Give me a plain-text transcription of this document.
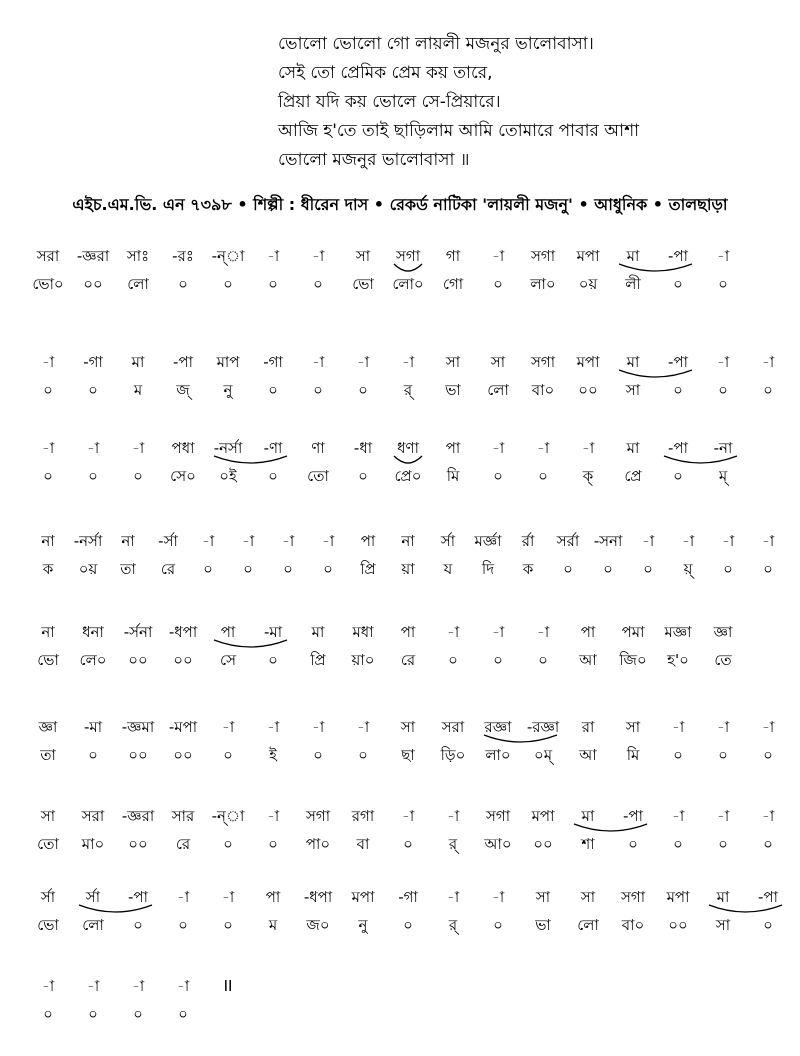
ভোলো ভোলো গো লায়লী মজনুর ভালোবাসা।
সেই তো প্রেমিক প্রেম কয় তারে,
প্রিয়া যদি কয় ভোলে সে-প্রিয়ারে।
আজি হ'তে তাই ছাড়িলাম আমি তোমারে পাবার আশা
ভোলো মজনুর ভালোবাসা ॥
এইচ.এম.ভি. এন ৭৩৯৮ • শিল্পী : ধীরেন দাস • রেকর্ড নাটিকা 'লায়লী মজনু' • আধুনিক • তালছাড়া
সরা -জ্ঞরা সাঃ -রঃ -ন্া -া -া সা সগা গা -া সগা মপা মা -পা -া
ভো০ ০০ লো ০ ০ ০ ০ ভো লো০ গো ০ লা০ ০য় লী ০ ০
-া -গা মা -পা মাপ -গা -া -া -া সা সা সগা মপা মা -পা -া -া
০ ০ ম জ্ নু ০ ০ ০ র্ ভা লো বা০ ০০ সা ০ ০ ০
-া -া -া পধা -নর্সা -ণা ণা -ধা ধণা পা -া -া -া মা -পা -না
০ ০ ০ সে০ ০ই ০ তো ০ প্রে০ মি ০ ০ ক্ প্রে ০ ম্
না -নর্সা না -র্সা -া -া -া -া পা না র্সা মর্জ্ঞা র্রা সর্রা -সনা -া -া -া -া
ক ০য় তা রে ০ ০ ০ ০ প্রি য়া য দি ক ০ ০ ০ য়্ ০ ০
না ধনা -র্সনা -ধপা পা -মা মা মধা পা -া -া -া পা পমা মজ্ঞা জ্ঞা
ভো লে০ ০০ ০০ সে ০ প্রি য়া০ রে ০ ০ ০ আ জি০ হ'০ তে
জ্ঞা -মা -জ্ঞমা -মপা -া -া -া -া সা সরা রজ্ঞা -রজ্ঞা রা সা -া -া -া
তা ০ ০০ ০০ ০ ই ০ ০ ছা ড়ি০ লা০ ০ম্ আ মি ০ ০ ০
সা সরা -জ্ঞরা সার -ন্া -া সগা রগা -া -া সগা মপা মা -পা -া -া -া
তো মা০ ০০ রে ০ ০ পা০ বা ০ র্ আ০ ০০ শা ০ ০ ০ ০
র্সা র্সা -পা -া -া পা -ধপা মপা -গা -া -া সা সা সগা মপা মা -পা
ভো লো ০ ০ ০ ম জ০ নু ০ র্ ০ ভা লো বা০ ০০ সা ০
-া -া -া -া II
০ ০ ০ ০
